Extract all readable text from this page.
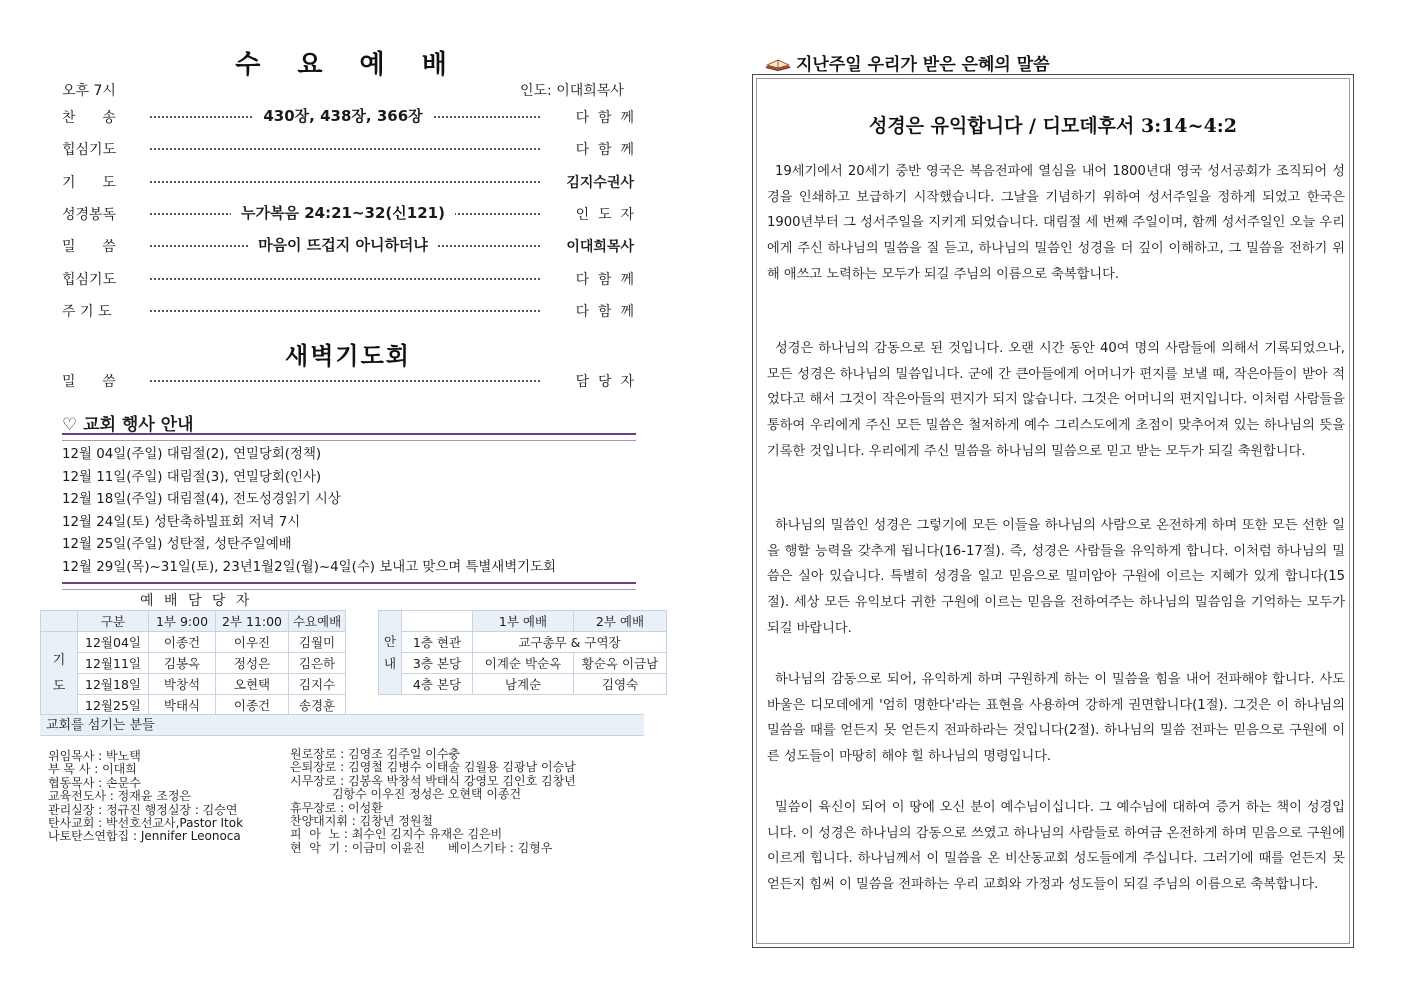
수 요 예 배
오후 7시	인도: 이대희목사
찬      송	430장, 438장, 366장	다  함  께
힙심기도	다  함  께
기      도	김지수권사
성경봉독	누가복음 24:21~32(신121)	인  도  자
밀      씀	마음이 뜨겁지 아니하더냐	이대희목사
힙심기도	다  함  께
주 기 도	다  함  께
새벽기도회
밀      씀	담  당  자
♡ 교회 행사 안내
12월 04일(주일) 대림절(2), 연밀당회(정책)
12월 11일(주일) 대림절(3), 연밀당회(인사)
12월 18일(주일) 대림절(4), 전도성경읽기 시상
12월 24일(토) 성탄축하빌표회 저녁 7시
12월 25일(주일) 성탄절, 성탄주일예배
12월 29일(목)~31일(토), 23년1월2일(월)~4일(수) 보내고 맞으며 특별새벽기도회
예 배 담 당 자
	구분	1부 9:00	2부 11:00	수요예배
기
도	12월04일	이종건	이우진	김월미
	12월11일	김봉옥	정성은	김은하
	12월18일	박창석	오현택	김지수
	12월25일	박태식	이종건	송경훈
안
내		1부 예배	2부 예배
	1층 현관	교구총무 & 구역장	
	3층 본당	이계순 박순옥	황순옥 이금남
	4층 본당	남계순	김영숙
교회를 섬기는 분들
위임목사 : 박노택
부 목 사 : 이대희
협동목사 : 손문수
교육전도사 : 정재윤 조정은
관리실장 : 정규진 행정실장 : 김승연
탄사교회 : 박선호선교사,Pastor Itok
나토탄스연합집 : Jennifer Leonoca
원로장로 : 김영조 김주일 이수충
은퇴장로 : 김영철 김병수 이태술 김월용 김광남 이승남
시무장로 : 김봉옥 박창석 박태식 강영모 김인호 김창년
김항수 이우진 정성은 오현택 이종건
휴무장로 : 이성환
찬양대지휘 : 김창년 정원철
피  아  노 : 최수인 김지수 유재은 김은비
현  악  기 : 이금미 이윤진      베이스기타 : 김형우
지난주일 우리가 받은 은혜의 말씀
성경은 유익합니다 / 디모데후서 3:14~4:2
19세기에서 20세기 중반 영국은 복음전파에 열심을 내어 1800년대 영국 성서공회가 조직되어 성경을 인쇄하고 보급하기 시작했습니다. 그날을 기념하기 위하여 성서주일을 정하게 되었고 한국은 1900년부터 그 성서주일을 지키게 되었습니다. 대림절 세 번째 주일이며, 함께 성서주일인 오늘 우리에게 주신 하나님의 밀씀을 질 듣고, 하나님의 밀씀인 성경을 더 깊이 이해하고, 그 밀씀을 전하기 위해 애쓰고 노력하는 모두가 되길 주님의 이름으로 축복합니다.
성경은 하나님의 감동으로 된 것입니다. 오랜 시간 동안 40여 명의 사람들에 의해서 기록되었으나, 모든 성경은 하나님의 밀씀입니다. 군에 간 큰아들에게 어머니가 편지를 보낼 때, 작은아들이 받아 적었다고 해서 그것이 작은아들의 편지가 되지 않습니다. 그것은 어머니의 편지입니다. 이처럼 사람들을 통하여 우리에게 주신 모든 밀씀은 철저하게 예수 그리스도에게 초점이 맞추어져 있는 하나님의 뜻을 기록한 것입니다. 우리에게 주신 밀씀을 하나님의 밀씀으로 믿고 받는 모두가 되길 축원합니다.
하나님의 밀씀인 성경은 그렇기에 모든 이들을 하나님의 사람으로 온전하게 하며 또한 모든 선한 일을 행할 능력을 갖추게 됩니다(16-17절). 즉, 성경은 사람들을 유익하게 합니다. 이처럼 하나님의 밀씀은 실아 있습니다. 특별히 성경을 일고 믿음으로 밀미암아 구원에 이르는 지혜가 있게 합니다(15절). 세상 모든 유익보다 귀한 구원에 이르는 믿음을 전하여주는 하나님의 밀씀임을 기억하는 모두가 되길 바랍니다.
하나님의 감동으로 되어, 유익하게 하며 구원하게 하는 이 밀씀을 힘을 내어 전파해야 합니다. 사도 바울은 디모데에게 '엄히 명한다'라는 표현을 사용하여 강하게 권면합니다(1절). 그것은 이 하나님의 밀씀을 때를 얻든지 못 얻든지 전파하라는 것입니다(2절). 하나님의 밀씀 전파는 믿음으로 구원에 이른 성도들이 마땅히 해야 힐 하나님의 명령입니다.
밀씀이 육신이 되어 이 땅에 오신 분이 예수님이십니다. 그 예수님에 대하여 증거 하는 책이 성경입니다. 이 성경은 하나님의 감동으로 쓰였고 하나님의 사람들로 하여금 온전하게 하며 믿음으로 구원에 이르게 힙니다. 하나님께서 이 밀씀을 온 비산동교회 성도들에게 주십니다. 그러기에 때를 얻든지 못 얻든지 힘써 이 밀씀을 전파하는 우리 교회와 가정과 성도들이 되길 주님의 이름으로 축복합니다.
